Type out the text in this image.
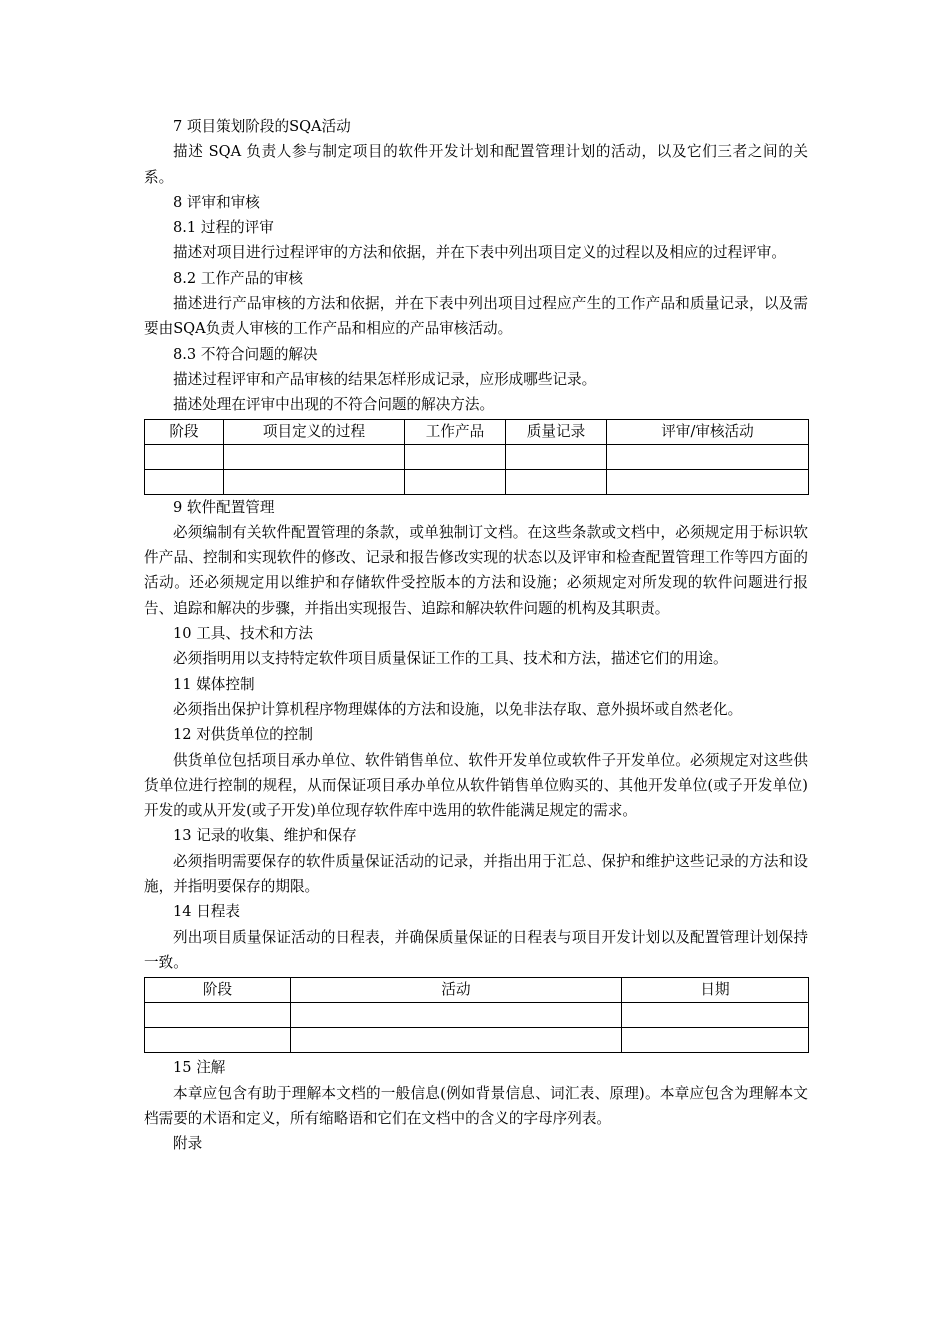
7 项目策划阶段的SQA活动

描述 SQA 负责人参与制定项目的软件开发计划和配置管理计划的活动，以及它们三者之间的关系。

8 评审和审核

8.1 过程的评审

描述对项目进行过程评审的方法和依据，并在下表中列出项目定义的过程以及相应的过程评审。

8.2 工作产品的审核

描述进行产品审核的方法和依据，并在下表中列出项目过程应产生的工作产品和质量记录，以及需要由SQA负责人审核的工作产品和相应的产品审核活动。

8.3 不符合问题的解决

描述过程评审和产品审核的结果怎样形成记录，应形成哪些记录。

描述处理在评审中出现的不符合问题的解决方法。

阶段	项目定义的过程	工作产品	质量记录	评审/审核活动

9 软件配置管理

必须编制有关软件配置管理的条款，或单独制订文档。在这些条款或文档中，必须规定用于标识软件产品、控制和实现软件的修改、记录和报告修改实现的状态以及评审和检查配置管理工作等四方面的活动。还必须规定用以维护和存储软件受控版本的方法和设施；必须规定对所发现的软件问题进行报告、追踪和解决的步骤，并指出实现报告、追踪和解决软件问题的机构及其职责。

10 工具、技术和方法

必须指明用以支持特定软件项目质量保证工作的工具、技术和方法，描述它们的用途。

11 媒体控制

必须指出保护计算机程序物理媒体的方法和设施，以免非法存取、意外损坏或自然老化。

12 对供货单位的控制

供货单位包括项目承办单位、软件销售单位、软件开发单位或软件子开发单位。必须规定对这些供货单位进行控制的规程，从而保证项目承办单位从软件销售单位购买的、其他开发单位(或子开发单位)开发的或从开发(或子开发)单位现存软件库中选用的软件能满足规定的需求。

13 记录的收集、维护和保存

必须指明需要保存的软件质量保证活动的记录，并指出用于汇总、保护和维护这些记录的方法和设施，并指明要保存的期限。

14 日程表

列出项目质量保证活动的日程表，并确保质量保证的日程表与项目开发计划以及配置管理计划保持一致。

阶段	活动	日期

15 注解

本章应包含有助于理解本文档的一般信息(例如背景信息、词汇表、原理)。本章应包含为理解本文档需要的术语和定义，所有缩略语和它们在文档中的含义的字母序列表。

附录
